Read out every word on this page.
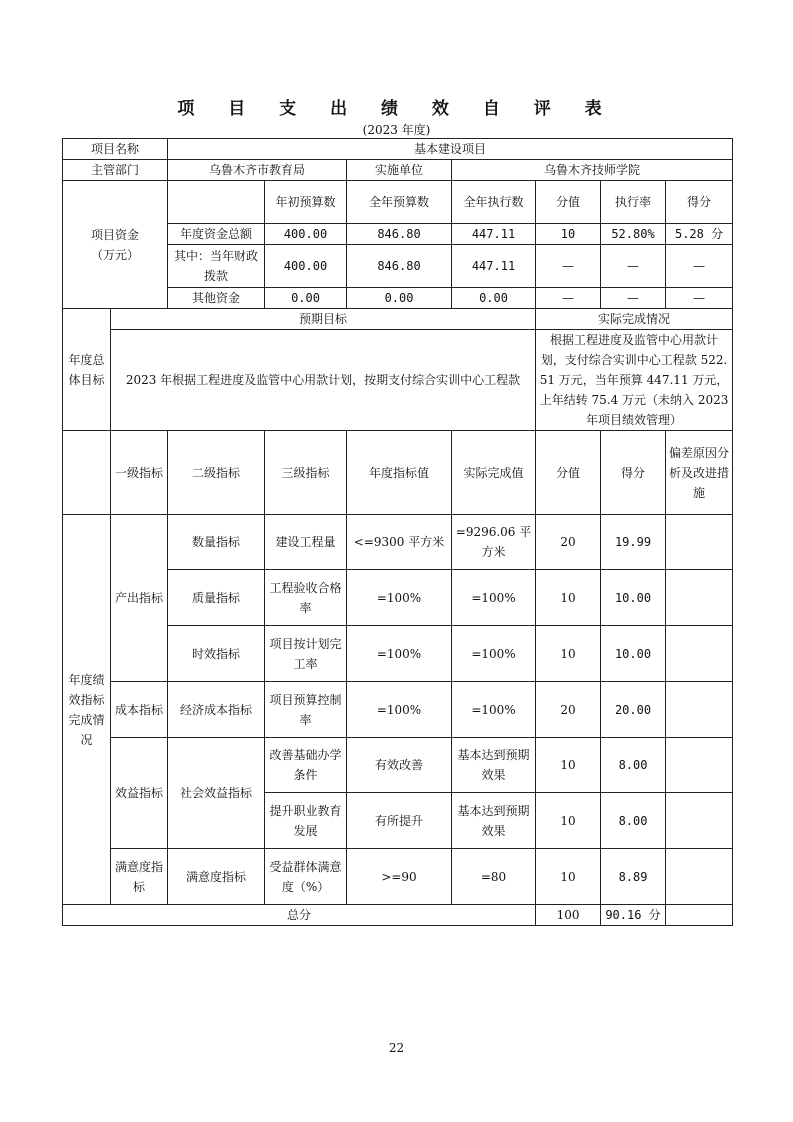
项 目 支 出 绩 效 自 评 表
(2023 年度)
项目名称		基本建设项目						
主管部门		乌鲁木齐市教育局		实施单位	乌鲁木齐技师学院			

项目资金
（万元）			年初预算数	全年预算数	全年执行数	分值	执行率	得分
		年度资金总额	400.00	846.80	447.11	10	52.80%	5.28 分
		其中：当年财政拨款	400.00	846.80	447.11	—	—	—
		其他资金	0.00	0.00	0.00	—	—	—
年度总体目标	预期目标					实际完成情况		
	2023 年根据工程进度及监管中心用款计划，按期支付综合实训中心工程款					根据工程进度及监管中心用款计划，支付综合实训中心工程款 522.51 万元，当年预算 447.11 万元，上年结转 75.4 万元（未纳入 2023 年项目绩效管理）		
	一级指标	二级指标	三级指标	年度指标值	实际完成值	分值	得分	偏差原因分析及改进措施
年度绩效指标完成情况	产出指标	数量指标	建设工程量	<=9300 平方米	=9296.06 平方米	20	19.99	
		质量指标	工程验收合格率	=100%	=100%	10	10.00	
		时效指标	项目按计划完工率	=100%	=100%	10	10.00	
	成本指标	经济成本指标	项目预算控制率	=100%	=100%	20	20.00	
	效益指标	社会效益指标	改善基础办学条件	有效改善	基本达到预期效果	10	8.00	
			提升职业教育发展	有所提升	基本达到预期效果	10	8.00	
	满意度指标	满意度指标	受益群体满意度（%）	>=90	=80	10	8.89	
总分						100	90.16 分	
22
